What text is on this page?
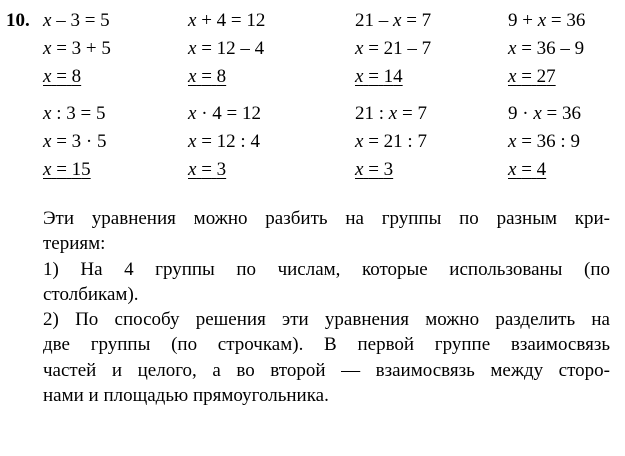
10. x – 3 = 5
x = 3 + 5
x = 8
x + 4 = 12
x = 12 – 4
x = 8
21 – x = 7
x = 21 – 7
x = 14
9 + x = 36
x = 36 – 9
x = 27
x : 3 = 5
x = 3 · 5
x = 15
x · 4 = 12
x = 12 : 4
x = 3
21 : x = 7
x = 21 : 7
x = 3
9 · x = 36
x = 36 : 9
x = 4
Эти уравнения можно разбить на группы по разным кри-
териям:
1) На 4 группы по числам, которые использованы (по
столбикам).
2) По способу решения эти уравнения можно разделить на
две группы (по строчкам). В первой группе взаимосвязь
частей и целого, а во второй — взаимосвязь между сторо-
нами и площадью прямоугольника.
